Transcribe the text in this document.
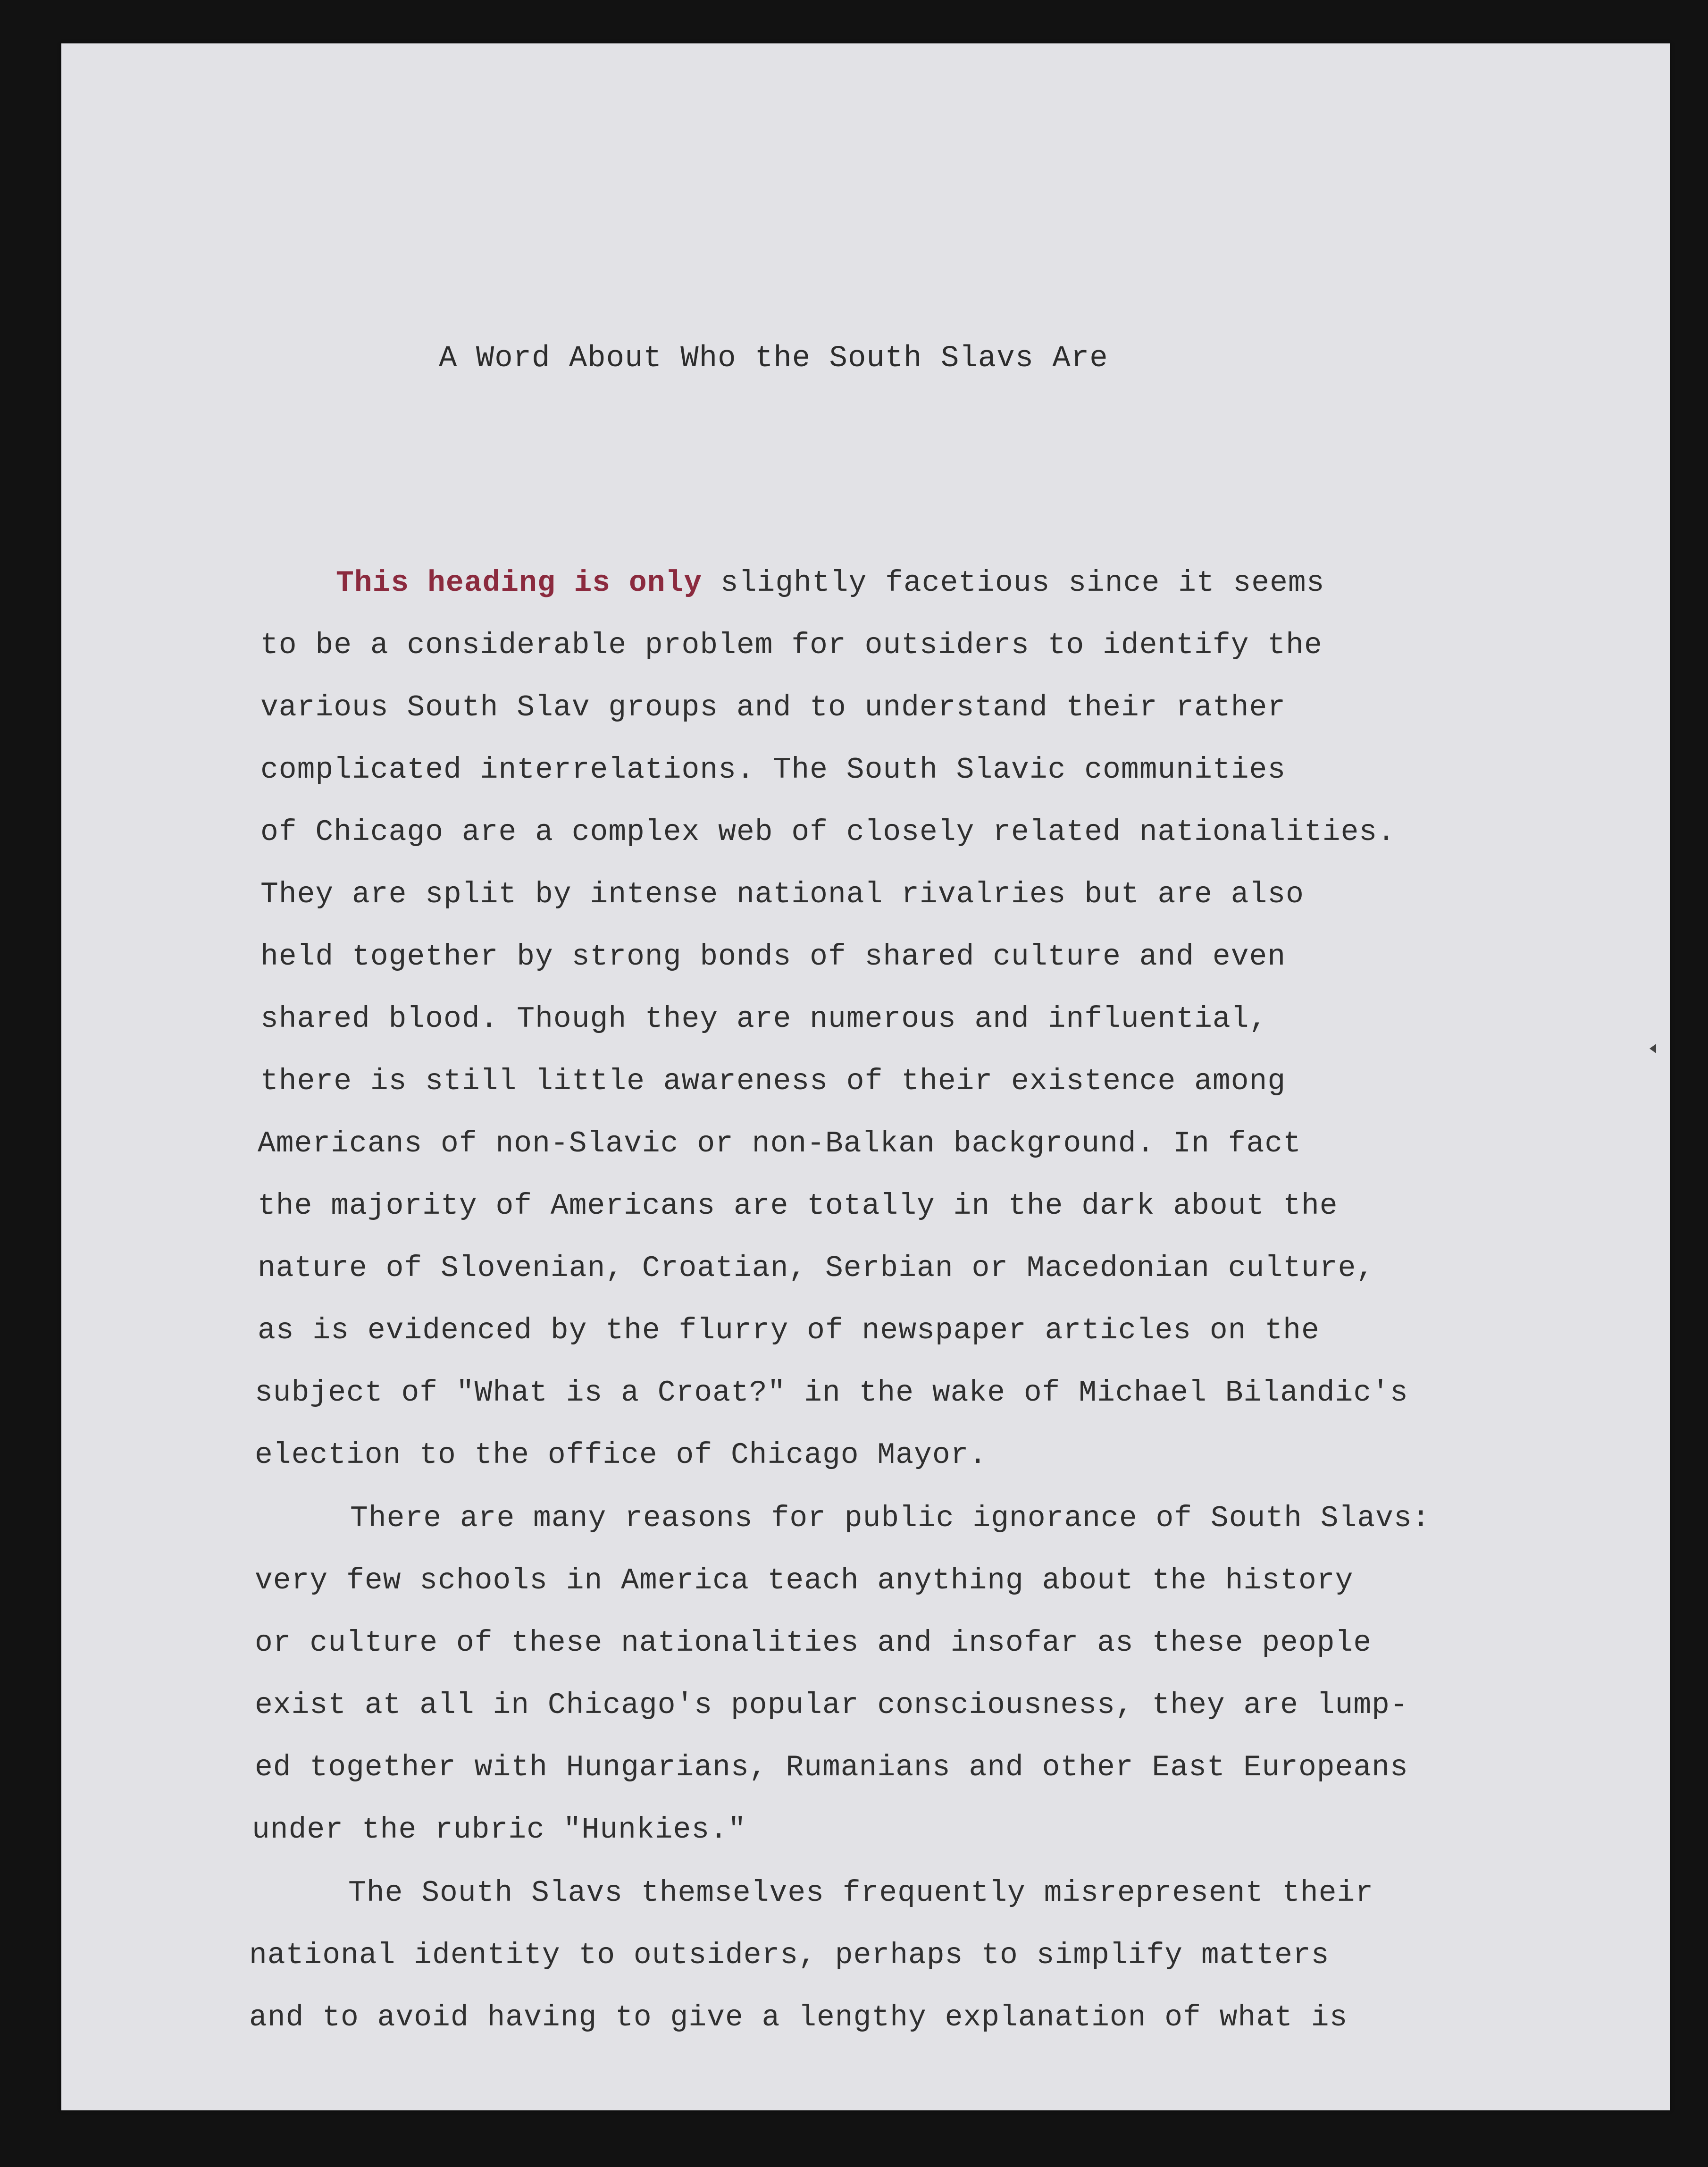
A Word About Who the South Slavs Are
This heading is only slightly facetious since it seems
to be a considerable problem for outsiders to identify the
various South Slav groups and to understand their rather
complicated interrelations. The South Slavic communities
of Chicago are a complex web of closely related nationalities.
They are split by intense national rivalries but are also
held together by strong bonds of shared culture and even
shared blood. Though they are numerous and influential,
there is still little awareness of their existence among
Americans of non-Slavic or non-Balkan background. In fact
the majority of Americans are totally in the dark about the
nature of Slovenian, Croatian, Serbian or Macedonian culture,
as is evidenced by the flurry of newspaper articles on the
subject of "What is a Croat?" in the wake of Michael Bilandic's
election to the office of Chicago Mayor.
There are many reasons for public ignorance of South Slavs:
very few schools in America teach anything about the history
or culture of these nationalities and insofar as these people
exist at all in Chicago's popular consciousness, they are lump-
ed together with Hungarians, Rumanians and other East Europeans
under the rubric "Hunkies."
The South Slavs themselves frequently misrepresent their
national identity to outsiders, perhaps to simplify matters
and to avoid having to give a lengthy explanation of what is
